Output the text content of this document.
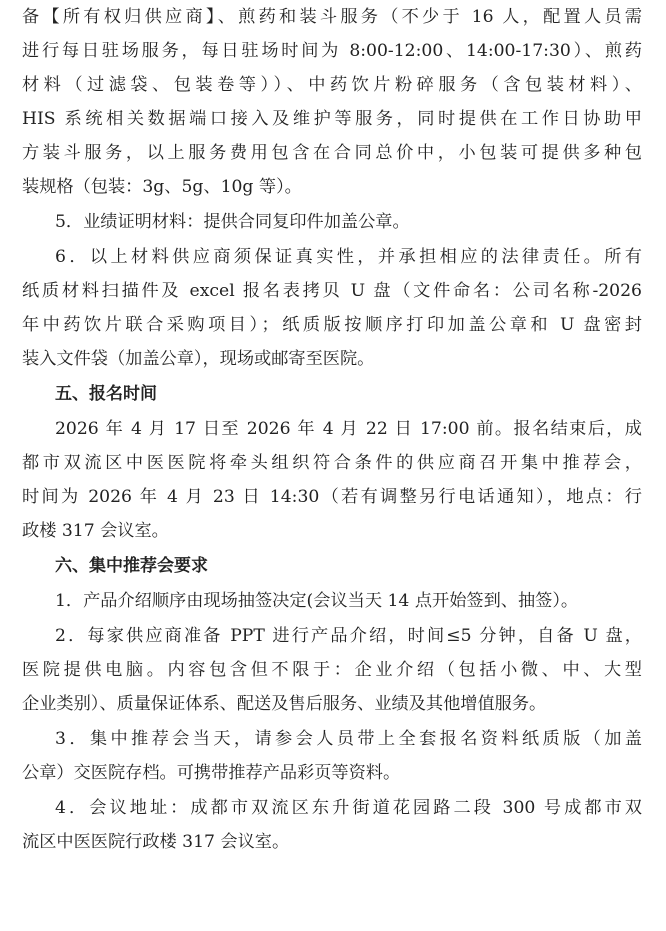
备【所有权归供应商】、煎药和装斗服务（不少于 16 人，配置人员需
进行每日驻场服务，每日驻场时间为 8:00-12:00、14:00-17:30）、煎药
材料（过滤袋、包装卷等））、中药饮片粉碎服务（含包装材料）、
HIS 系统相关数据端口接入及维护等服务，同时提供在工作日协助甲
方装斗服务，以上服务费用包含在合同总价中，小包装可提供多种包
装规格（包装：3g、5g、10g 等）。
5．业绩证明材料：提供合同复印件加盖公章。
6．以上材料供应商须保证真实性，并承担相应的法律责任。所有
纸质材料扫描件及 excel 报名表拷贝 U 盘（文件命名：公司名称-2026
年中药饮片联合采购项目）；纸质版按顺序打印加盖公章和 U 盘密封
装入文件袋（加盖公章），现场或邮寄至医院。
五、报名时间
2026 年 4 月 17 日至 2026 年 4 月 22 日 17:00 前。报名结束后，成
都市双流区中医医院将牵头组织符合条件的供应商召开集中推荐会，
时间为 2026 年 4 月 23 日 14:30（若有调整另行电话通知），地点：行
政楼 317 会议室。
六、集中推荐会要求
1．产品介绍顺序由现场抽签决定(会议当天 14 点开始签到、抽签）。
2．每家供应商准备 PPT 进行产品介绍，时间≤5 分钟，自备 U 盘，
医院提供电脑。内容包含但不限于：企业介绍（包括小微、中、大型
企业类别）、质量保证体系、配送及售后服务、业绩及其他增值服务。
3．集中推荐会当天，请参会人员带上全套报名资料纸质版（加盖
公章）交医院存档。可携带推荐产品彩页等资料。
4．会议地址：成都市双流区东升街道花园路二段 300 号成都市双
流区中医医院行政楼 317 会议室。
